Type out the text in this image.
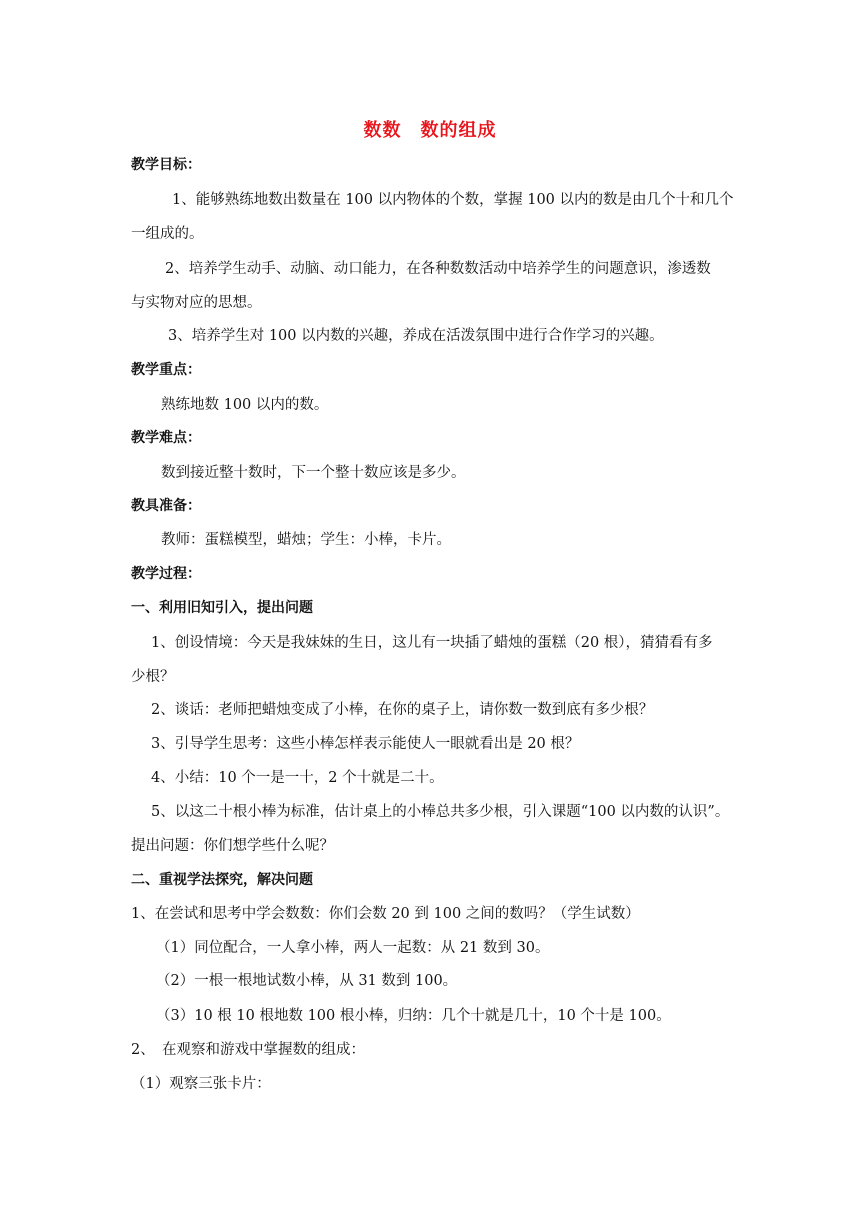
数数　数的组成
教学目标：
1、能够熟练地数出数量在 100 以内物体的个数，掌握 100 以内的数是由几个十和几个
一组成的。
2、培养学生动手、动脑、动口能力，在各种数数活动中培养学生的问题意识，渗透数
与实物对应的思想。
3、培养学生对 100 以内数的兴趣，养成在活泼氛围中进行合作学习的兴趣。
教学重点：
熟练地数 100 以内的数。
教学难点：
数到接近整十数时，下一个整十数应该是多少。
教具准备：
教师：蛋糕模型，蜡烛；学生：小棒，卡片。
教学过程：
一、利用旧知引入，提出问题
1、创设情境：今天是我妹妹的生日，这儿有一块插了蜡烛的蛋糕（20 根），猜猜看有多
少根？
2、谈话：老师把蜡烛变成了小棒，在你的桌子上，请你数一数到底有多少根？
3、引导学生思考：这些小棒怎样表示能使人一眼就看出是 20 根？
4、小结：10 个一是一十，2 个十就是二十。
5、以这二十根小棒为标准，估计桌上的小棒总共多少根，引入课题“100 以内数的认识”。
提出问题：你们想学些什么呢？
二、重视学法探究，解决问题
1、在尝试和思考中学会数数：你们会数 20 到 100 之间的数吗？（学生试数）
（1）同位配合，一人拿小棒，两人一起数：从 21 数到 30。
（2）一根一根地试数小棒，从 31 数到 100。
（3）10 根 10 根地数 100 根小棒，归纳：几个十就是几十，10 个十是 100。
2、　在观察和游戏中掌握数的组成：
（1）观察三张卡片：
